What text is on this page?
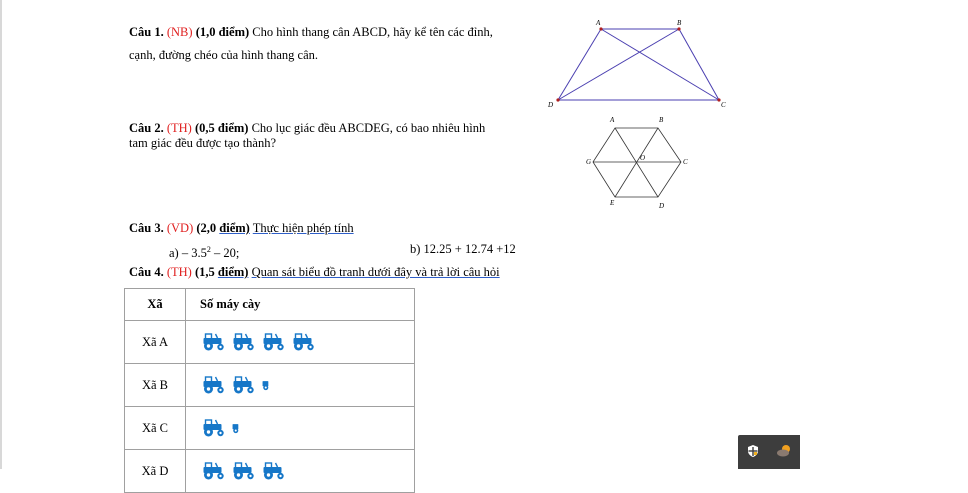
Câu 1. (NB) (1,0 điểm) Cho hình thang cân ABCD, hãy kể tên các đỉnh,
cạnh, đường chéo của hình thang cân.
A	B
C
D
Câu 2. (TH) (0,5 điểm) Cho lục giác đều ABCDEG, có bao nhiêu hình
tam giác đều được tạo thành?
A	B
C
D
E
G	O
Câu 3. (VD) (2,0 điểm) Thực hiện phép tính
$a) - 3.5^2 - 20$;	b) 12.25 + 12.74 +12
Câu 4. (TH) (1,5 điểm) Quan sát biểu đồ tranh dưới đây và trả lời câu hỏi
Xã	Số máy cày
Xã A	
Xã B	
Xã C	
Xã D	
